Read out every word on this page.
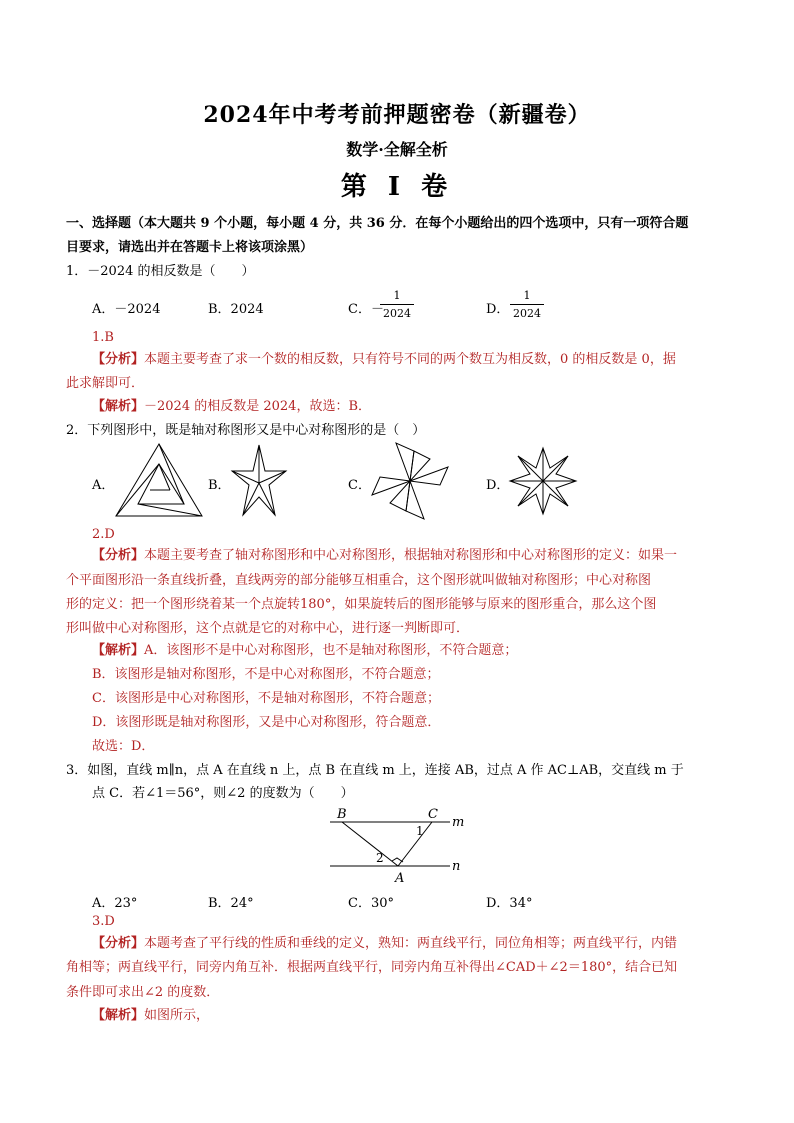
2024年中考考前押题密卷（新疆卷）
数学·全解全析
第 I 卷
一、选择题（本大题共 9 个小题，每小题 4 分，共 36 分．在每个小题给出的四个选项中，只有一项符合题
目要求，请选出并在答题卡上将该项涂黑）
1．－2024 的相反数是（　　）
A．－2024	B．2024	C．－
1
2024	D．
1
2024
1.B
【分析】本题主要考查了求一个数的相反数，只有符号不同的两个数互为相反数，0 的相反数是 0，据
此求解即可．
【解析】－2024 的相反数是 2024，故选：B．
2．下列图形中，既是轴对称图形又是中心对称图形的是（　）
A．	B．	C．	D．
2.D
【分析】本题主要考查了轴对称图形和中心对称图形，根据轴对称图形和中心对称图形的定义：如果一
个平面图形沿一条直线折叠，直线两旁的部分能够互相重合，这个图形就叫做轴对称图形；中心对称图
形的定义：把一个图形绕着某一个点旋转180°，如果旋转后的图形能够与原来的图形重合，那么这个图
形叫做中心对称图形，这个点就是它的对称中心，进行逐一判断即可．
【解析】A．该图形不是中心对称图形，也不是轴对称图形，不符合题意；
B．该图形是轴对称图形，不是中心对称图形，不符合题意；
C．该图形是中心对称图形，不是轴对称图形，不符合题意；
D．该图形既是轴对称图形，又是中心对称图形，符合题意．
故选：D．
3．如图，直线 m∥n，点 A 在直线 n 上，点 B 在直线 m 上，连接 AB，过点 A 作 AC⊥AB，交直线 m 于
点 C．若∠1＝56°，则∠2 的度数为（　　）
B	C
m
n
A
1
2
A．23°	B．24°	C．30°	D．34°
3.D
【分析】本题考查了平行线的性质和垂线的定义，熟知：两直线平行，同位角相等；两直线平行，内错
角相等；两直线平行，同旁内角互补．根据两直线平行，同旁内角互补得出∠CAD＋∠2＝180°，结合已知
条件即可求出∠2 的度数．
【解析】如图所示，
